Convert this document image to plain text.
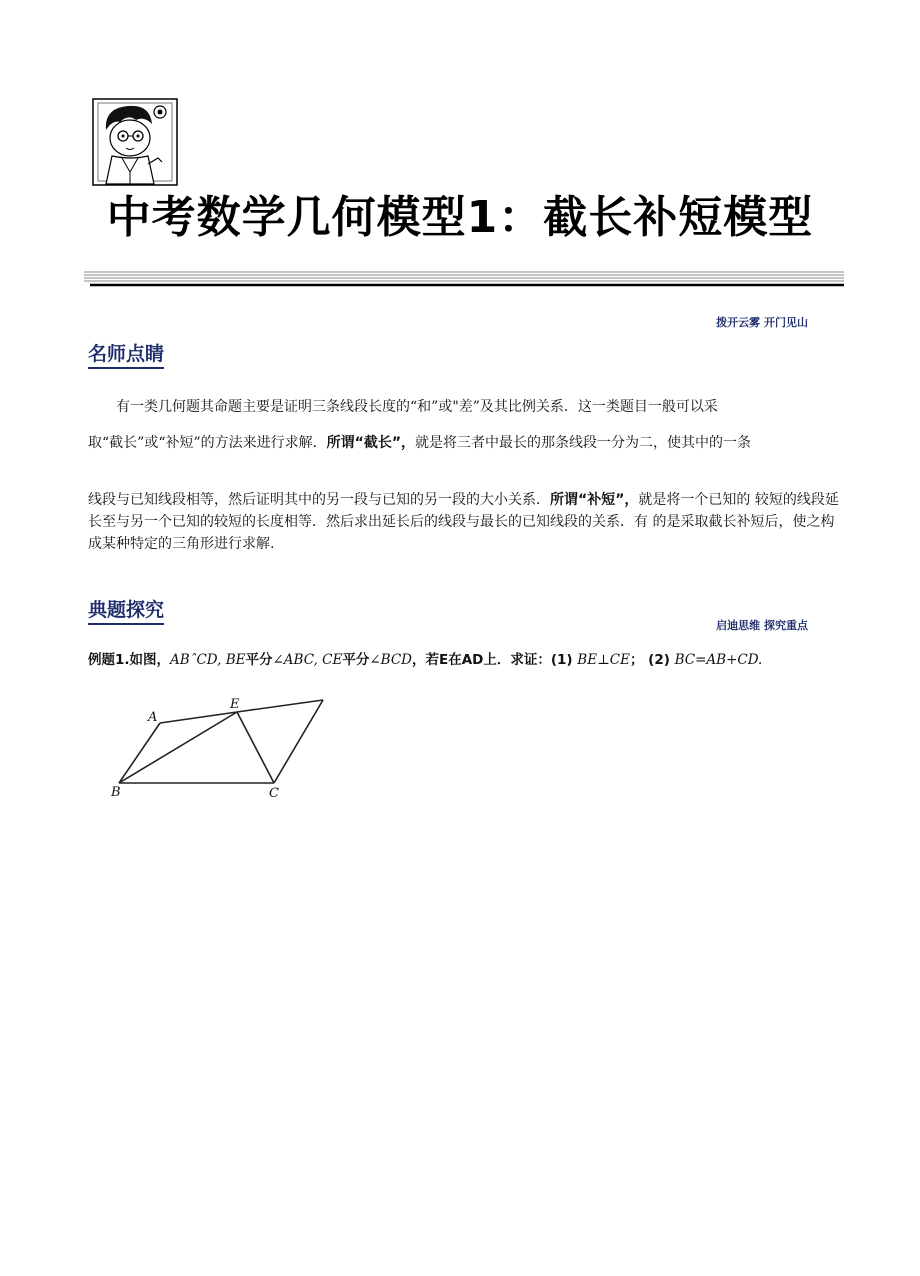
中考数学几何模型1：截长补短模型
拨开云雾 开门见山
名师点睛
有一类几何题其命题主要是证明三条线段长度的“和”或"差”及其比例关系．这一类题目一般可以采
取“截长”或“补短”的方法来进行求解．所谓“截长”，就是将三者中最长的那条线段一分为二，使其中的一条
线段与已知线段相等，然后证明其中的另一段与已知的另一段的大小关系．所谓“补短”，就是将一个已知的 较短的线段延长至与另一个已知的较短的长度相等．然后求出延长后的线段与最长的已知线段的关系．有 的是采取截长补短后，使之构成某种特定的三角形进行求解.
典题探究
启迪思维 探究重点
例题1.如图，ABˆCD, BE平分∠ABC, CE平分∠BCD，若E在AD上．求证：(1) BE⊥CE； (2) BC=AB+CD.
A
E
B	C
